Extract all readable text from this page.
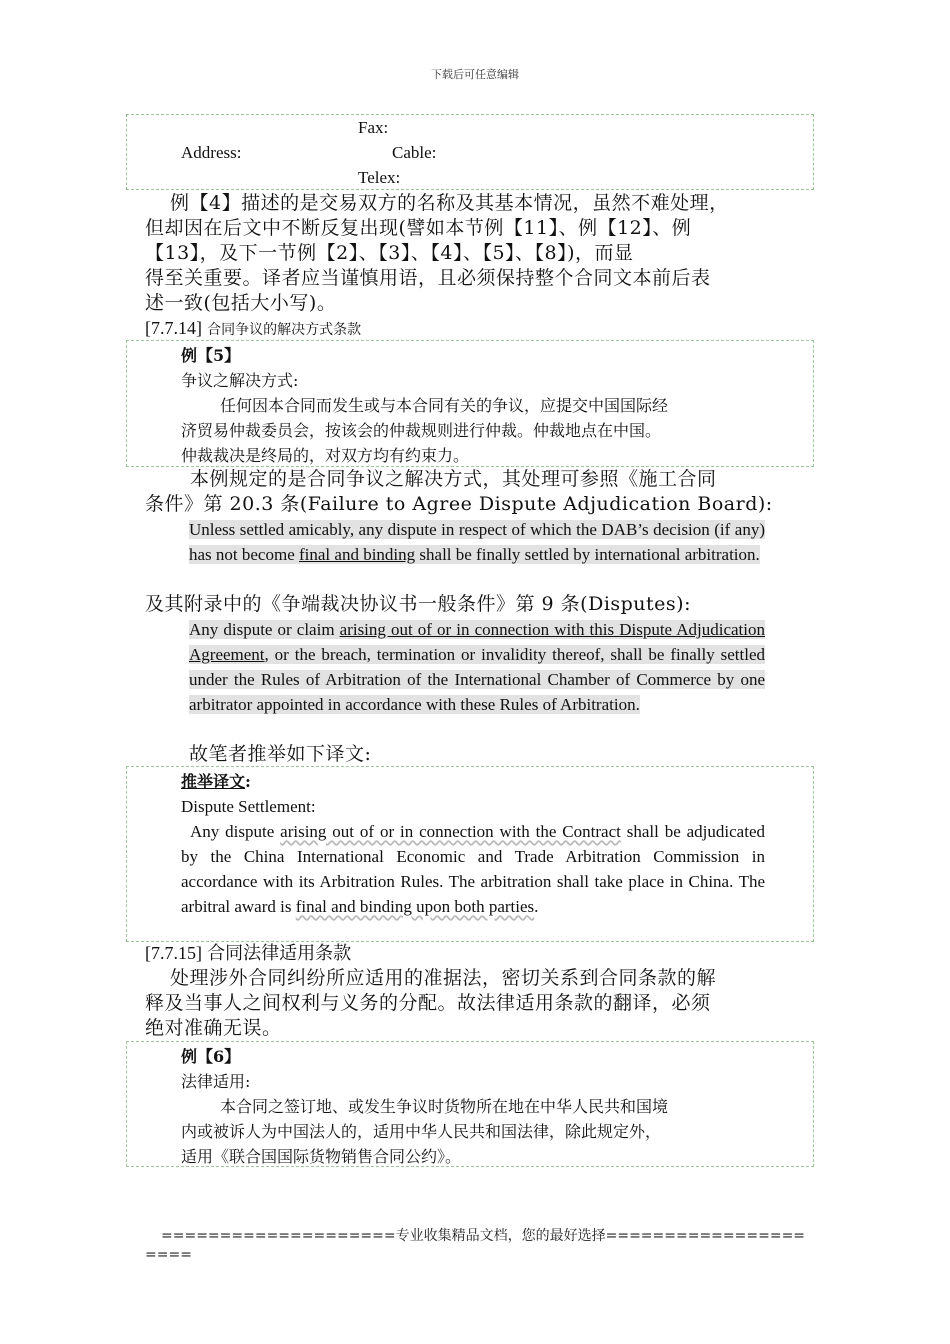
下载后可任意编辑
Fax:
Address:	Cable:
Telex:
例【4】描述的是交易双方的名称及其基本情况，虽然不难处理，
但却因在后文中不断反复出现(譬如本节例【11】、例【12】、例
【13】，及下一节例【2】、【3】、【4】、【5】、【8】)，而显
得至关重要。译者应当谨慎用语，且必须保持整个合同文本前后表
述一致(包括大小写)。
[7.7.14] 合同争议的解决方式条款
例【5】
争议之解决方式:
任何因本合同而发生或与本合同有关的争议，应提交中国国际经
济贸易仲裁委员会，按该会的仲裁规则进行仲裁。仲裁地点在中国。
仲裁裁决是终局的，对双方均有约束力。
本例规定的是合同争议之解决方式，其处理可参照《施工合同
条件》第 20.3 条(Failure to Agree Dispute Adjudication Board):
Unless settled amicably, any dispute in respect of which the DAB’s decision (if any) has not become final and binding shall be finally settled by international arbitration.
及其附录中的《争端裁决协议书一般条件》第 9 条(Disputes):
Any dispute or claim arising out of or in connection with this Dispute Adjudication Agreement, or the breach, termination or invalidity thereof, shall be finally settled under the Rules of Arbitration of the International Chamber of Commerce by one arbitrator appointed in accordance with these Rules of Arbitration.
故笔者推举如下译文:
推举译文:
Dispute Settlement:
Any dispute arising out of or in connection with the Contract shall be adjudicated by the China International Economic and Trade Arbitration Commission in accordance with its Arbitration Rules. The arbitration shall take place in China. The arbitral award is final and binding upon both parties.
[7.7.15] 合同法律适用条款
处理涉外合同纠纷所应适用的准据法，密切关系到合同条款的解
释及当事人之间权利与义务的分配。故法律适用条款的翻译，必须
绝对准确无误。
例【6】
法律适用:
本合同之签订地、或发生争议时货物所在地在中华人民共和国境
内或被诉人为中国法人的，适用中华人民共和国法律，除此规定外，
适用《联合国国际货物销售合同公约》。
====================专业收集精品文档，您的最好选择=====================
